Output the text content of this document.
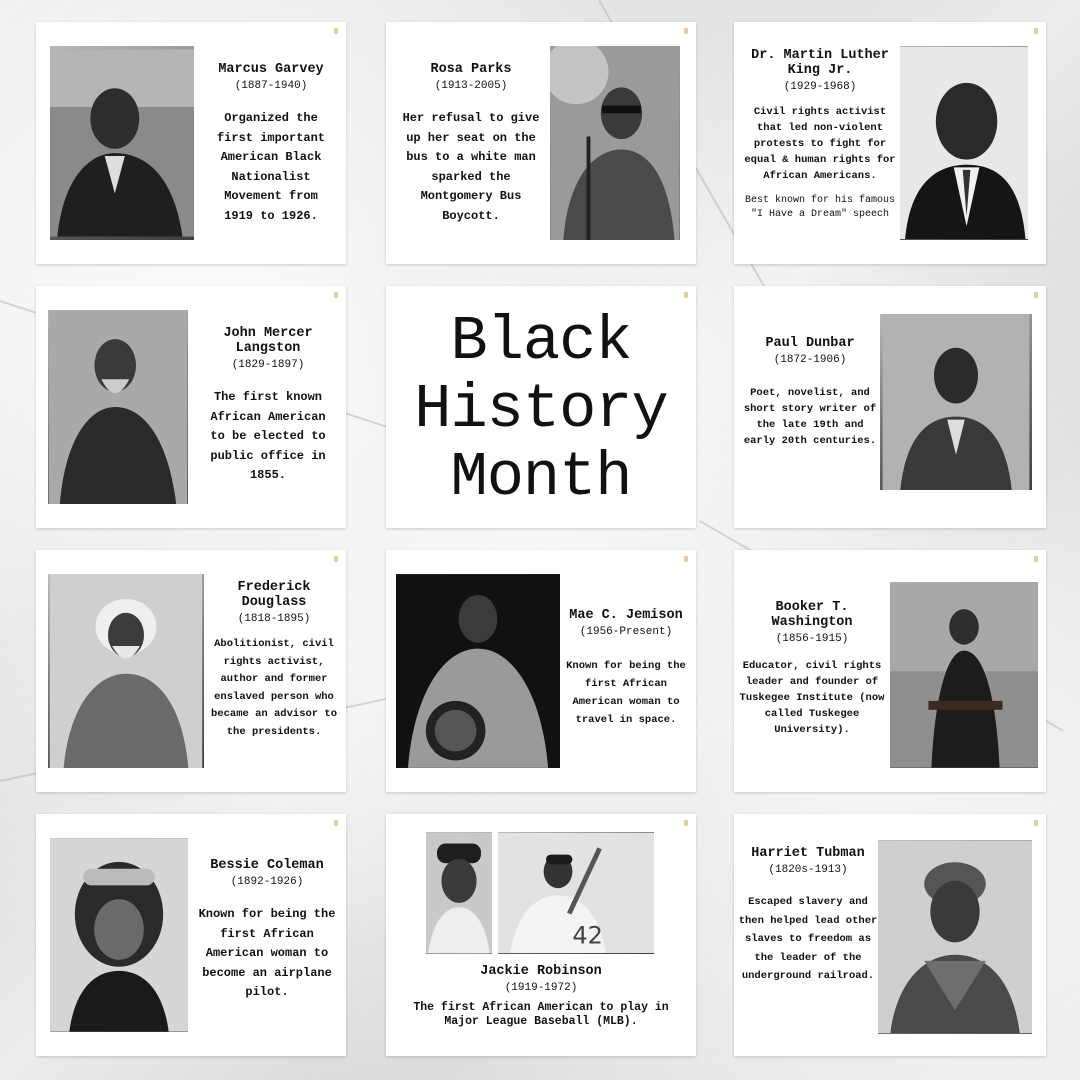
Marcus Garvey
(1887-1940)
Organized the first important American Black Nationalist Movement from 1919 to 1926.
Rosa Parks
(1913-2005)
Her refusal to give up her seat on the bus to a white man sparked the Montgomery Bus Boycott.
Dr. Martin Luther King Jr.
(1929-1968)
Civil rights activist that led non-violent protests to fight for equal & human rights for African Americans.
Best known for his famous "I Have a Dream" speech
John Mercer Langston
(1829-1897)
The first known African American to be elected to public office in 1855.
Black
History
Month
Paul Dunbar
(1872-1906)
Poet, novelist, and short story writer of the late 19th and early 20th centuries.
Frederick Douglass
(1818-1895)
Abolitionist, civil rights activist, author and former enslaved person who became an advisor to the presidents.
Mae C. Jemison
(1956-Present)
Known for being the first African American woman to travel in space.
Booker T. Washington
(1856-1915)
Educator, civil rights leader and founder of Tuskegee Institute (now called Tuskegee University).
Bessie Coleman
(1892-1926)
Known for being the first African American woman to become an airplane pilot.
42
Jackie Robinson
(1919-1972)
The first African American to play in Major League Baseball (MLB).
Harriet Tubman
(1820s-1913)
Escaped slavery and then helped lead other slaves to freedom as the leader of the underground railroad.
